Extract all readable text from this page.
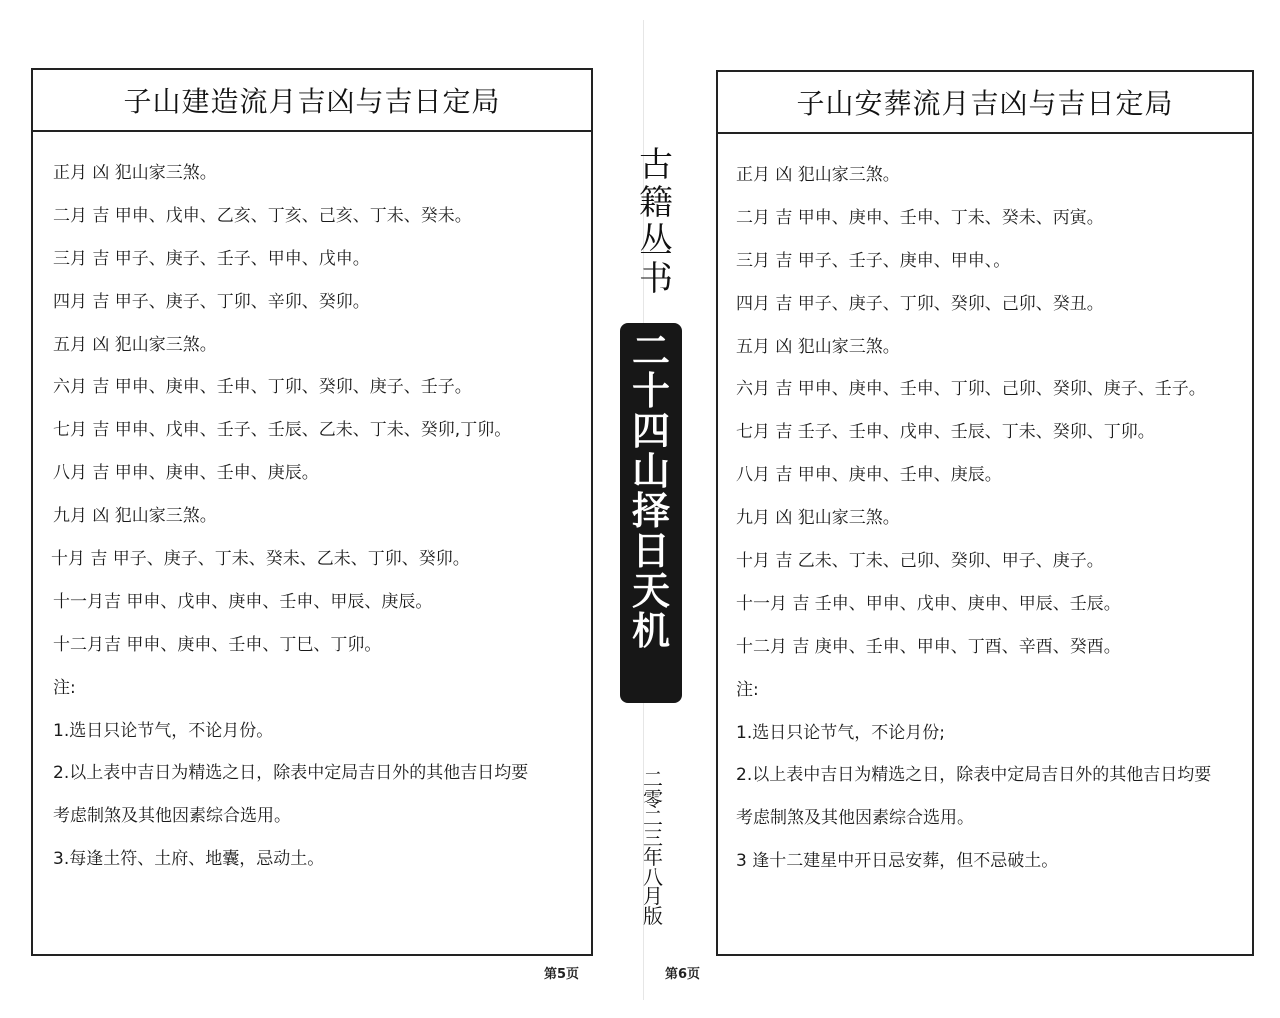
子山建造流月吉凶与吉日定局
正月 凶 犯山家三煞。
二月 吉 甲申、戊申、乙亥、丁亥、己亥、丁未、癸未。
三月 吉 甲子、庚子、壬子、甲申、戊申。
四月 吉 甲子、庚子、丁卯、辛卯、癸卯。
五月 凶 犯山家三煞。
六月 吉 甲申、庚申、壬申、丁卯、癸卯、庚子、壬子。
七月 吉 甲申、戊申、壬子、壬辰、乙未、丁未、癸卯,丁卯。
八月 吉 甲申、庚申、壬申、庚辰。
九月 凶 犯山家三煞。
十月 吉 甲子、庚子、丁未、癸未、乙未、丁卯、癸卯。
十一月吉 甲申、戊申、庚申、壬申、甲辰、庚辰。
十二月吉 甲申、庚申、壬申、丁巳、丁卯。
注:
1.选日只论节气，不论月份。
2.以上表中吉日为精选之日，除表中定局吉日外的其他吉日均要
考虑制煞及其他因素综合选用。
3.每逢土符、土府、地囊，忌动土。
子山安葬流月吉凶与吉日定局
正月 凶 犯山家三煞。
二月 吉 甲申、庚申、壬申、丁未、癸未、丙寅。
三月 吉 甲子、壬子、庚申、甲申、。
四月 吉 甲子、庚子、丁卯、癸卯、己卯、癸丑。
五月 凶 犯山家三煞。
六月 吉 甲申、庚申、壬申、丁卯、己卯、癸卯、庚子、壬子。
七月 吉 壬子、壬申、戊申、壬辰、丁未、癸卯、丁卯。
八月 吉 甲申、庚申、壬申、庚辰。
九月 凶 犯山家三煞。
十月 吉 乙未、丁未、己卯、癸卯、甲子、庚子。
十一月 吉 壬申、甲申、戊申、庚申、甲辰、壬辰。
十二月 吉 庚申、壬申、甲申、丁酉、辛酉、癸酉。
注:
1.选日只论节气，不论月份;
2.以上表中吉日为精选之日，除表中定局吉日外的其他吉日均要
考虑制煞及其他因素综合选用。
3 逢十二建星中开日忌安葬，但不忌破土。
古
籍
丛
书
二
十
四
山
择
日
天
机
二
零
二
三
年
八
月
版
第5页	第6页
